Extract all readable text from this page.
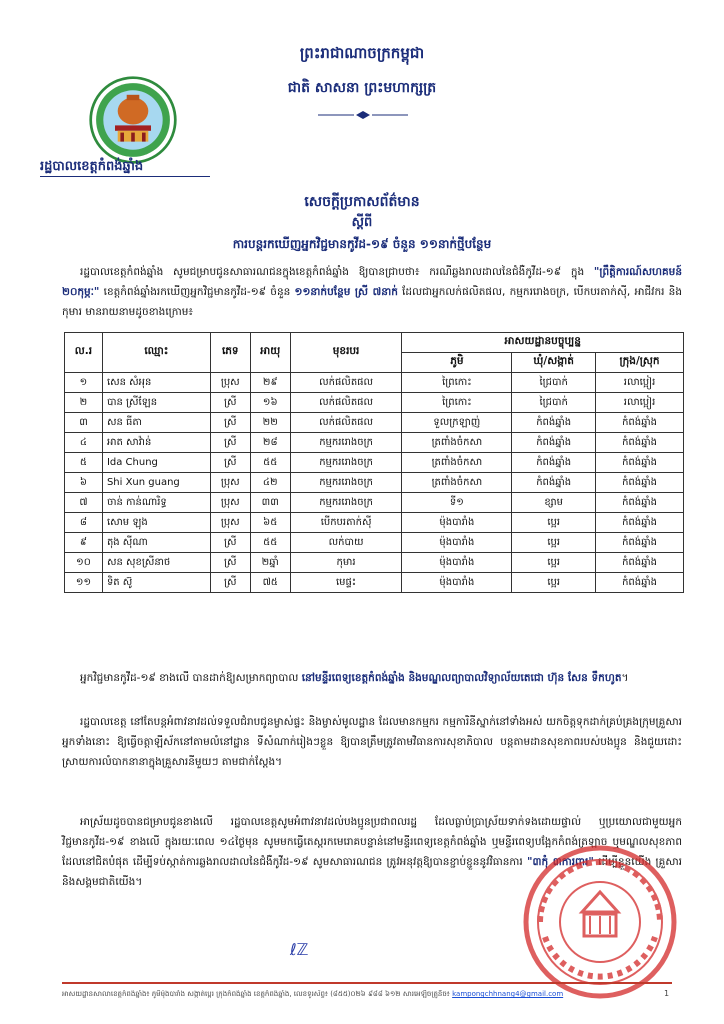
ព្រះរាជាណាចក្រកម្ពុជា
ជាតិ សាសនា ព្រះមហាក្សត្រ
រដ្ឋបាលខេត្តកំពង់ឆ្នាំង
សេចក្តីប្រកាសព័ត៌មាន
ស្តីពី
ការបន្តរកឃើញអ្នកវិជ្ជមានកូវីដ-១៩ ចំនួន ១១នាក់ថ្មីបន្ថែម
រដ្ឋបាលខេត្តកំពង់ឆ្នាំង សូមជម្រាបជូនសាធារណជនក្នុងខេត្តកំពង់ឆ្នាំង ឱ្យបានជ្រាបថា៖ ករណីឆ្លងរាលដាលនៃជំងឺកូវីដ-១៩ ក្នុង "ព្រឹត្តិការណ៍សហគមន៍ ២០កុម្ភៈ" ខេត្តកំពង់ឆ្នាំងរកឃើញអ្នកវិជ្ជមានកូវីដ-១៩ ចំនួន ១១នាក់បន្ថែម ស្រី ៧នាក់ ដែលជាអ្នកលក់ផលិតផល, កម្មកររោងចក្រ, បើកបរតាក់ស៊ី, អាជីវករ និងកុមារ មានរាយនាមដូចខាងក្រោម៖
ល.រ	ឈ្មោះ	ភេទ	អាយុ	មុខរបរ	អាសយដ្ឋានបច្ចុប្បន្ន		
					ភូមិ	ឃុំ/សង្កាត់	ក្រុង/ស្រុក
១	សេន សំអុន	ប្រុស	២៩	លក់ផលិតផល	ព្រៃកោះ	ជ្រៃបាក់	រលាប្អៀរ
២	បាន ស្រីឡែន	ស្រី	១៦	លក់ផលិតផល	ព្រៃកោះ	ជ្រៃបាក់	រលាប្អៀរ
៣	សន ធីតា	ស្រី	២២	លក់ផលិតផល	ទួលក្រឡាញ់	កំពង់ឆ្នាំង	កំពង់ឆ្នាំង
៤	អាត សាវ៉ាន់	ស្រី	២៨	កម្មកររោងចក្រ	ត្រពាំងចំកសា	កំពង់ឆ្នាំង	កំពង់ឆ្នាំង
៥	Ida Chung	ស្រី	៥៥	កម្មកររោងចក្រ	ត្រពាំងចំកសា	កំពង់ឆ្នាំង	កំពង់ឆ្នាំង
៦	Shi Xun guang	ប្រុស	៤២	កម្មកររោងចក្រ	ត្រពាំងចំកសា	កំពង់ឆ្នាំង	កំពង់ឆ្នាំង
៧	ចាន់ កាន់ណារិទ្ធ	ប្រុស	៣៣	កម្មកររោងចក្រ	ទី១	ខ្សាម	កំពង់ឆ្នាំង
៨	សោម ឡុង	ប្រុស	៦៥	បើកបរតាក់ស៊ី	ម៉ុងបារាំង	ប្អេរ	កំពង់ឆ្នាំង
៩	តុង ស៊ីណា	ស្រី	៥៥	លក់បាយ	ម៉ុងបារាំង	ប្អេរ	កំពង់ឆ្នាំង
១០	សន សុខស្រីនាថ	ស្រី	២ឆ្នាំ	កុមារ	ម៉ុងបារាំង	ប្អេរ	កំពង់ឆ្នាំង
១១	ទិត ស៊ូ	ស្រី	៧៥	មេផ្ទះ	ម៉ុងបារាំង	ប្អេរ	កំពង់ឆ្នាំង
អ្នកវិជ្ជមានកូវីដ-១៩ ខាងលើ បានដាក់ឱ្យសម្រាកព្យាបាល នៅមន្ទីរពេទ្យខេត្តកំពង់ឆ្នាំង និងមណ្ឌលព្យាបាលវិទ្យាល័យតេជោ ហ៊ុន សែន ទឹកហូត។
រដ្ឋបាលខេត្ត នៅតែបន្តអំពាវនាវដល់ទទួលជំរាបជូនម្ចាស់ផ្ទះ និងម្ចាស់មូលដ្ឋាន ដែលមានកម្មករ កម្មការិនីស្នាក់នៅទាំងអស់ យកចិត្តទុកដាក់គ្រប់គ្រងក្រុមគ្រួសារអ្នកទាំងនោះ ឱ្យធ្វើចត្តាឡីស័កនៅតាមលំនៅដ្ឋាន ទីសំណាក់រៀងៗខ្លួន ឱ្យបានត្រឹមត្រូវតាមវិធានការសុខាភិបាល បន្តតាមដានសុខភាពរបស់បងប្អូន និងជួយដោះស្រាយការលំបាកនានាក្នុងគ្រួសារនីមួយៗ តាមជាក់ស្តែង។
អាស្រ័យដូចបានជម្រាបជូនខាងលើ រដ្ឋបាលខេត្តសូមអំពាវនាវដល់បងប្អូនប្រជាពលរដ្ឋ ដែលធ្លាប់ប្រាស្រ័យទាក់ទងដោយផ្ទាល់ ឬប្រយោលជាមួយអ្នកវិជ្ជមានកូវីដ-១៩ ខាងលើ ក្នុងរយៈពេល ១៤ថ្ងៃមុន សូមមកធ្វើតេស្តរកមេរោគបន្ទាន់នៅមន្ទីរពេទ្យខេត្តកំពង់ឆ្នាំង ឬមន្ទីរពេទ្យបង្អែកកំពង់ត្រឡាច ឬមណ្ឌលសុខភាពដែលនៅជិតបំផុត ដើម្បីទប់ស្កាត់ការឆ្លងរាលដាលនៃជំងឺកូវីដ-១៩ សូមសាធារណជន ត្រូវអនុវត្តឱ្យបានខ្ជាប់ខ្ជួននូវវិធានការ "៣កុំ ៣ការពារ" ដើម្បីខ្លួនយើង គ្រួសារ និងសង្គមជាតិយើង។
ℓℤ
អាសយដ្ឋានសាលាខេត្តកំពង់ឆ្នាំង៖ ភូមិម៉ុងបារាំង សង្កាត់ប្អេរ ក្រុងកំពង់ឆ្នាំង ខេត្តកំពង់ឆ្នាំង, លេខទូរស័ព្ទ៖ (៨៥៥)០២៦ ៩៨៨ ៦១២ សារអេឡិចត្រូនិច៖ kampongchhnang4@gmail.com	1
